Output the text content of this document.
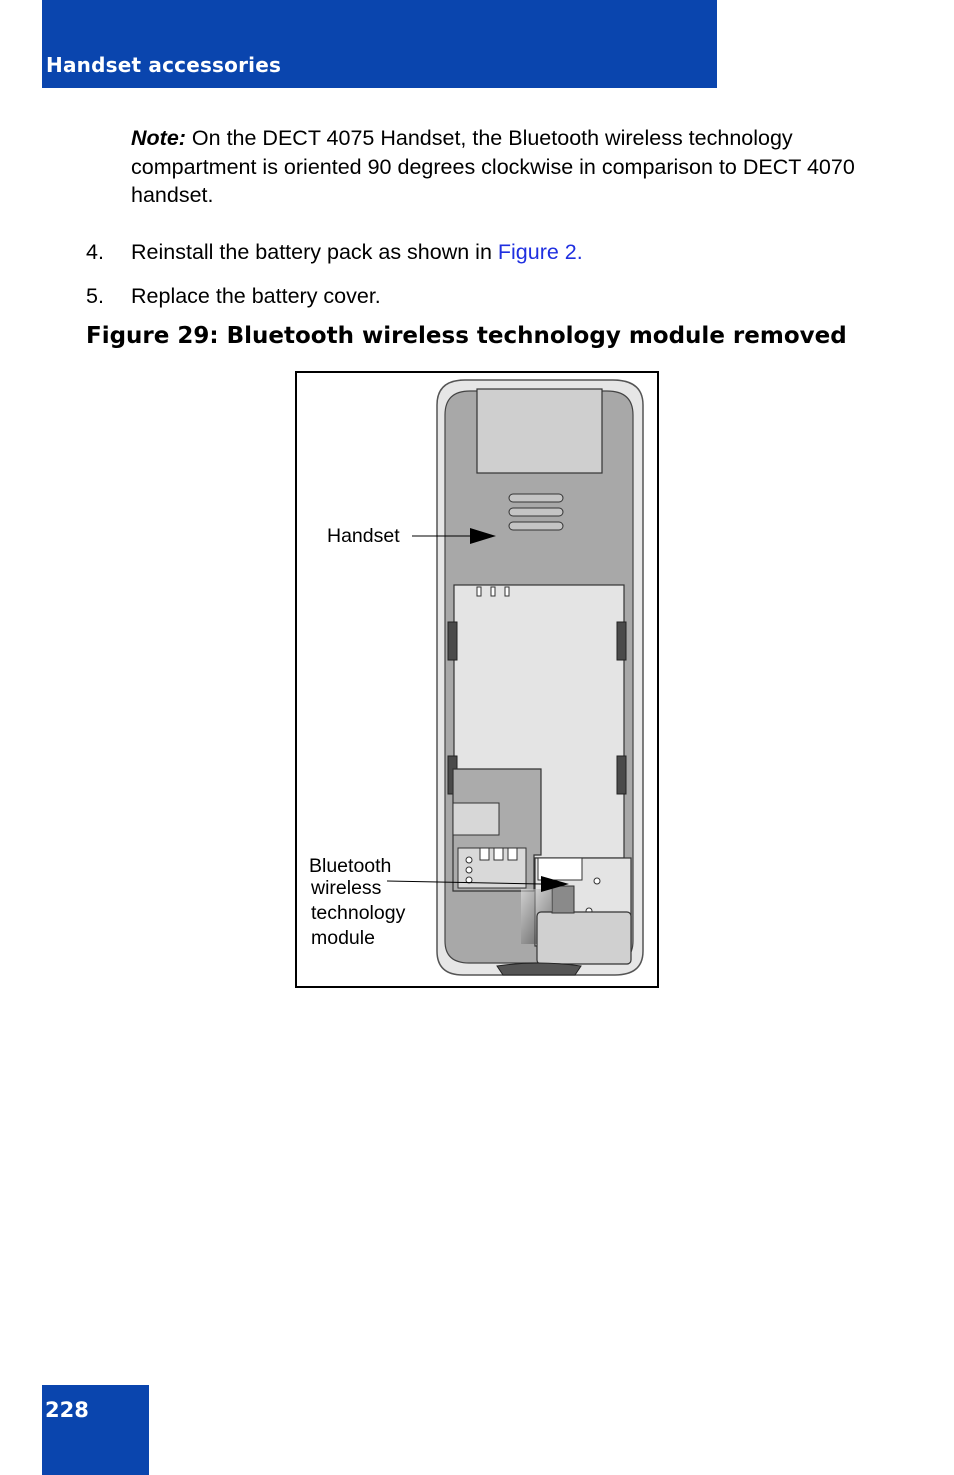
Handset accessories
Note: On the DECT 4075 Handset, the Bluetooth wireless technology compartment is oriented 90 degrees clockwise in comparison to DECT 4070 handset.
4. Reinstall the battery pack as shown in Figure 2.
5. Replace the battery cover.
Figure 29: Bluetooth wireless technology module removed
Handset
Bluetooth
wireless
technology
module
228
